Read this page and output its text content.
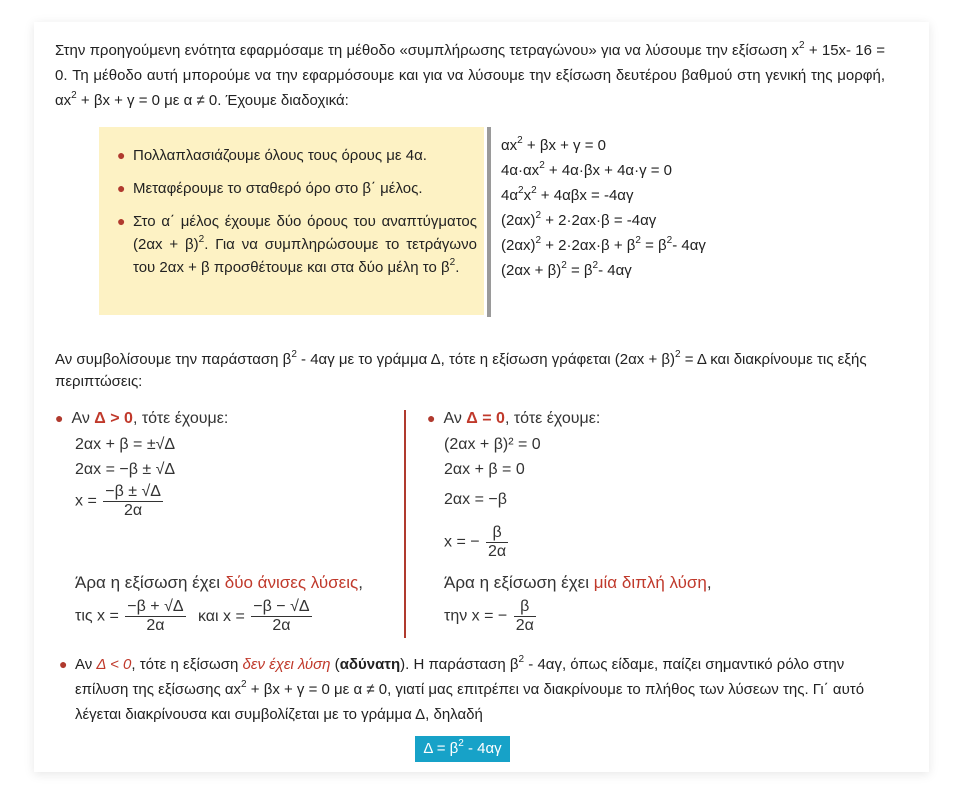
Στην προηγούμενη ενότητα εφαρμόσαμε τη μέθοδο «συμπλήρωσης τετραγώνου» για να λύσουμε την εξίσωση $x^2 + 15x-$ 16 = 0. Τη μέθοδο αυτή μπορούμε να την εφαρμόσουμε και για να λύσουμε την εξίσωση δευτέρου βαθμού στη γενική της μορφή, $\alpha x^2 + \beta x + \gamma = 0$ με α ≠ 0. Έχουμε διαδοχικά:
● Πολλαπλασιάζουμε όλους τους όρους με 4α.
● Μεταφέρουμε το σταθερό όρο στο β΄ μέλος.
● Στο α΄ μέλος έχουμε δύο όρους του αναπτύγματος $(2\alpha x + \beta)^2$. Για να συμπληρώσουμε το τετράγωνο του 2αx + β προσθέτουμε και στα δύο μέλη το $\beta^2$.
$\alpha x^2 + \beta x + \gamma = 0$
$4\alpha\cdot\alpha x^2 + 4\alpha\cdot\beta x + 4\alpha\cdot\gamma = 0$
$4\alpha^2x^2 + 4\alpha\beta x = -4\alpha\gamma$
$(2\alpha x)^2 + 2\cdot 2\alpha x\cdot\beta = -4\alpha\gamma$
$(2\alpha x)^2 + 2\cdot 2\alpha x\cdot\beta + \beta^2 = \beta^2-$ 4αγ
$(2\alpha x + \beta)^2 = \beta^2-$ 4αγ
Αν συμβολίσουμε την παράσταση $\beta^2 - 4\alpha\gamma$ με το γράμμα Δ, τότε η εξίσωση γράφεται $(2\alpha x + \beta)^2 = \Delta$ και διακρίνουμε τις εξής περιπτώσεις:
● Αν Δ > 0, τότε έχουμε:
2αx + β = ±√Δ
2αx = −β ± √Δ
$x = \frac{-\beta \pm √\Delta}{2\alpha}$
Άρα η εξίσωση έχει δύο άνισες λύσεις,
τις $x = \frac{-\beta + √\Delta}{2\alpha}$ και $x = \frac{-\beta - √\Delta}{2\alpha}$
● Αν Δ = 0, τότε έχουμε:
(2αx + β)² = 0
2αx + β = 0
2αx = −β
x = − $\frac{\beta}{2\alpha}$
Άρα η εξίσωση έχει μία διπλή λύση,
την x = − $\frac{\beta}{2\alpha}$
● Αν Δ < 0, τότε η εξίσωση δεν έχει λύση (αδύνατη). Η παράσταση $\beta^2 - 4\alpha\gamma$, όπως είδαμε, παίζει σημαντικό ρόλο στην επίλυση της εξίσωσης $\alpha x^2 + \beta x + \gamma = 0$ με α ≠ 0, γιατί μας επιτρέπει να διακρίνουμε το πλήθος των λύσεων της. Γι΄ αυτό λέγεται διακρίνουσα και συμβολίζεται με το γράμμα Δ, δηλαδή
$\Delta = \beta^2 - 4\alpha\gamma$
